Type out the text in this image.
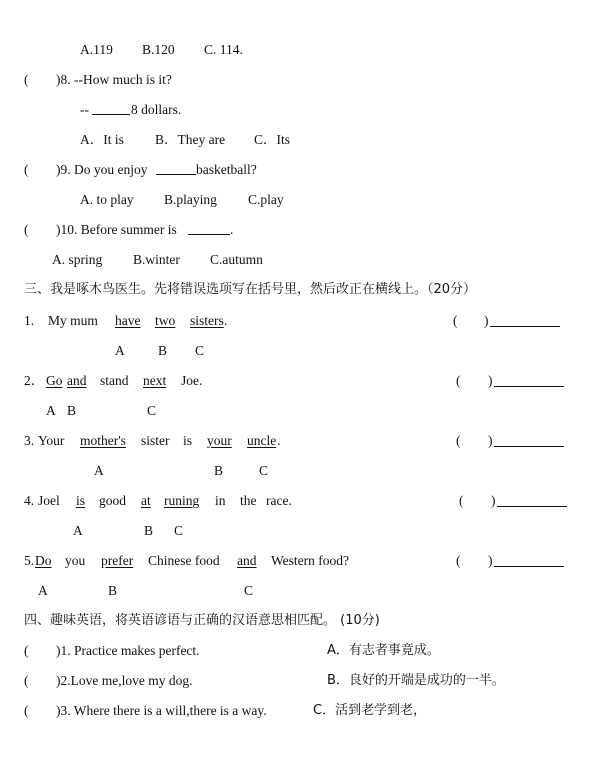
A.119 B.120 C. 114.
( )8. --How much is it?
--	8 dollars.
A．It is B．They are C．Its
( )9. Do you enjoy	basketball?
A. to play B.playing C.play
( )10. Before summer is	.
A. spring B.winter C.autumn
三、我是啄木鸟医生。先将错误选项写在括号里，然后改正在横线上。（20分）
1. My mum have two sisters .	( )
A B C
2． Go and stand next Joe.	( )
A B	C
3. Your mother's sister is your uncle .	( )
A	B	C
4. Joel is good at runing in the race.	( )
A	B C
5. Do you prefer Chinese food and Western food?	( )
A	B	C
四、趣味英语，将英语谚语与正确的汉语意思相匹配。 (10分)
( )1. Practice makes perfect.	A．有志者事竟成。
( )2.Love me,love my dog.	B．良好的开端是成功的一半。
( )3. Where there is a will,there is a way.	C．活到老学到老，
